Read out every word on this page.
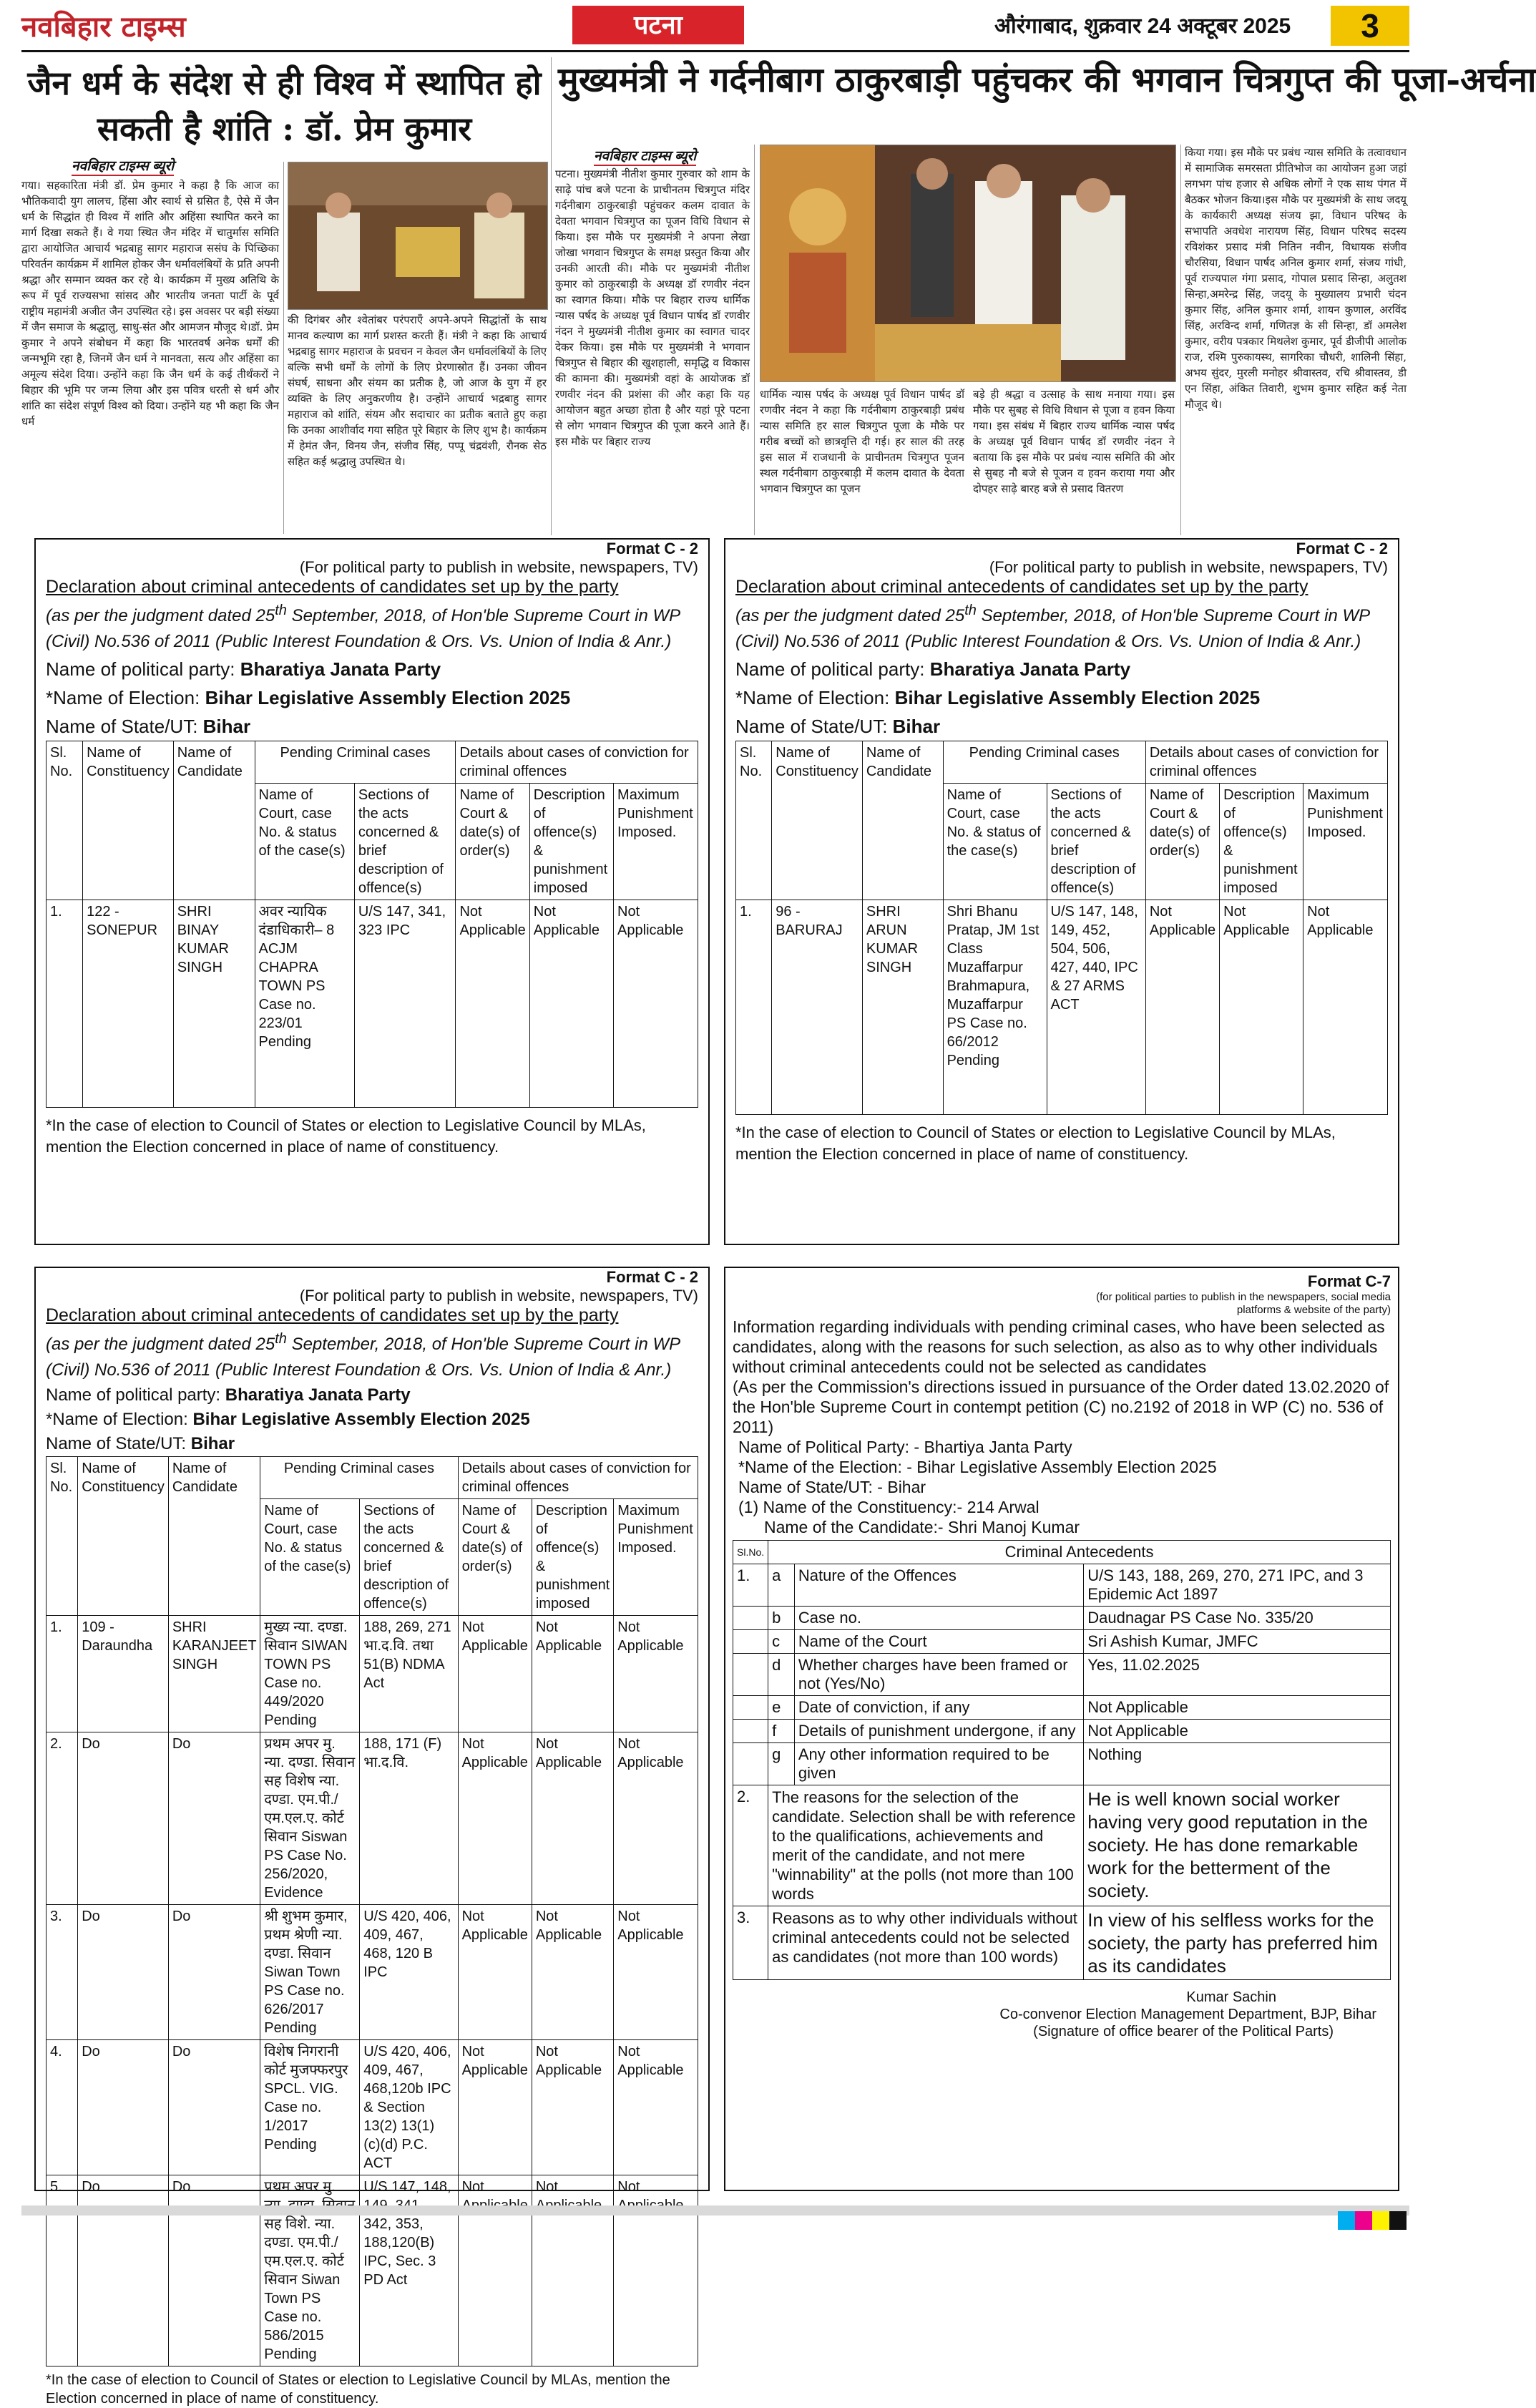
नवबिहार टाइम्स	पटना	औरंगाबाद, शुक्रवार 24 अक्टूबर 2025	3
जैन धर्म के संदेश से ही विश्व में स्थापित हो सकती है शांति : डॉ. प्रेम कुमार
नवबिहार टाइम्स ब्यूरो
गया। सहकारिता मंत्री डॉ. प्रेम कुमार ने कहा है कि आज का भौतिकवादी युग लालच, हिंसा और स्वार्थ से ग्रसित है, ऐसे में जैन धर्म के सिद्धांत ही विश्व में शांति और अहिंसा स्थापित करने का मार्ग दिखा सकते हैं। वे गया स्थित जैन मंदिर में चातुर्मास समिति द्वारा आयोजित आचार्य भद्रबाहु सागर महाराज ससंघ के पिच्छिका परिवर्तन कार्यक्रम में शामिल होकर जैन धर्मावलंबियों के प्रति अपनी श्रद्धा और सम्मान व्यक्त कर रहे थे। कार्यक्रम में मुख्य अतिथि के रूप में पूर्व राज्यसभा सांसद और भारतीय जनता पार्टी के पूर्व राष्ट्रीय महामंत्री अजीत जैन उपस्थित रहे। इस अवसर पर बड़ी संख्या में जैन समाज के श्रद्धालु, साधु-संत और आमजन मौजूद थे।डॉ. प्रेम कुमार ने अपने संबोधन में कहा कि भारतवर्ष अनेक धर्मों की जन्मभूमि रहा है, जिनमें जैन धर्म ने मानवता, सत्य और अहिंसा का अमूल्य संदेश दिया। उन्होंने कहा कि जैन धर्म के कई तीर्थंकरों ने बिहार की भूमि पर जन्म लिया और इस पवित्र धरती से धर्म और शांति का संदेश संपूर्ण विश्व को दिया। उन्होंने यह भी कहा कि जैन धर्म
की दिगंबर और श्वेतांबर परंपराएँ अपने-अपने सिद्धांतों के साथ मानव कल्याण का मार्ग प्रशस्त करती हैं। मंत्री ने कहा कि आचार्य भद्रबाहु सागर महाराज के प्रवचन न केवल जैन धर्मावलंबियों के लिए बल्कि सभी धर्मों के लोगों के लिए प्रेरणास्रोत हैं। उनका जीवन संघर्ष, साधना और संयम का प्रतीक है, जो आज के युग में हर व्यक्ति के लिए अनुकरणीय है। उन्होंने आचार्य भद्रबाहु सागर महाराज को शांति, संयम और सदाचार का प्रतीक बताते हुए कहा कि उनका आशीर्वाद गया सहित पूरे बिहार के लिए शुभ है। कार्यक्रम में हेमंत जैन, विनय जैन, संजीव सिंह, पप्पू चंद्रवंशी, रौनक सेठ सहित कई श्रद्धालु उपस्थित थे।
मुख्यमंत्री ने गर्दनीबाग ठाकुरबाड़ी पहुंचकर की भगवान चित्रगुप्त की पूजा-अर्चना
नवबिहार टाइम्स ब्यूरो
पटना। मुख्यमंत्री नीतीश कुमार गुरुवार को शाम के साढ़े पांच बजे पटना के प्राचीनतम चित्रगुप्त मंदिर गर्दनीबाग ठाकुरबाड़ी पहुंचकर कलम दावात के देवता भगवान चित्रगुप्त का पूजन विधि विधान से किया। इस मौके पर मुख्यमंत्री ने अपना लेखा जोखा भगवान चित्रगुप्त के समक्ष प्रस्तुत किया और उनकी आरती की। मौके पर मुख्यमंत्री नीतीश कुमार को ठाकुरबाड़ी के अध्यक्ष डॉ रणवीर नंदन का स्वागत किया। मौके पर बिहार राज्य धार्मिक न्यास पर्षद के अध्यक्ष पूर्व विधान पार्षद डॉ रणवीर नंदन ने मुख्यमंत्री नीतीश कुमार का स्वागत चादर देकर किया। इस मौके पर मुख्यमंत्री ने भगवान चित्रगुप्त से बिहार की खुशहाली, समृद्धि व विकास की कामना की। मुख्यमंत्री वहां के आयोजक डॉ रणवीर नंदन की प्रशंसा की और कहा कि यह आयोजन बहुत अच्छा होता है और यहां पूरे पटना से लोग भगवान चित्रगुप्त की पूजा करने आते हैं।इस मौके पर बिहार राज्य
धार्मिक न्यास पर्षद के अध्यक्ष पूर्व विधान पार्षद डॉ रणवीर नंदन ने कहा कि गर्दनीबाग ठाकुरबाड़ी प्रबंध न्यास समिति हर साल चित्रगुप्त पूजा के मौके पर गरीब बच्चों को छात्रवृत्ति दी गई। हर साल की तरह इस साल में राजधानी के प्राचीनतम चित्रगुप्त पूजन स्थल गर्दनीबाग ठाकुरबाड़ी में कलम दावात के देवता भगवान चित्रगुप्त का पूजन
बड़े ही श्रद्धा व उत्साह के साथ मनाया गया। इस मौके पर सुबह से विधि विधान से पूजा व हवन किया गया। इस संबंध में बिहार राज्य धार्मिक न्यास पर्षद के अध्यक्ष पूर्व विधान पार्षद डॉ रणवीर नंदन ने बताया कि इस मौके पर प्रबंध न्यास समिति की ओर से सुबह नौ बजे से पूजन व हवन कराया गया और दोपहर साढ़े बारह बजे से प्रसाद वितरण
किया गया। इस मौके पर प्रबंध न्यास समिति के तत्वावधान में सामाजिक समरसता प्रीतिभोज का आयोजन हुआ जहां लगभग पांच हजार से अधिक लोगों ने एक साथ पंगत में बैठकर भोजन किया।इस मौके पर मुख्यमंत्री के साथ जदयू के कार्यकारी अध्यक्ष संजय झा, विधान परिषद के सभापति अवधेश नारायण सिंह, विधान परिषद सदस्य रविशंकर प्रसाद मंत्री नितिन नवीन, विधायक संजीव चौरसिया, विधान पार्षद अनिल कुमार शर्मा, संजय गांधी, पूर्व राज्यपाल गंगा प्रसाद, गोपाल प्रसाद सिन्हा, अलुतश सिन्हा,अमरेन्द्र सिंह, जदयू के मुख्यालय प्रभारी चंदन कुमार सिंह, अनिल कुमार शर्मा, शायन कुणाल, अरविंद सिंह, अरविन्द शर्मा, गणितज्ञ के सी सिन्हा, डॉ अमलेश कुमार, वरीय पत्रकार मिथलेश कुमार, पूर्व डीजीपी आलोक राज, रश्मि पुरुकायस्थ, सागरिका चौधरी, शालिनी सिंहा, अभय सुंदर, मुरली मनोहर श्रीवास्तव, रचि श्रीवास्तव, डी एन सिंहा, अंकित तिवारी, शुभम कुमार सहित कई नेता मौजूद थे।
Format C - 2
(For political party to publish in website, newspapers, TV)
Declaration about criminal antecedents of candidates set up by the party
(as per the judgment dated 25th September, 2018, of Hon'ble Supreme Court in WP (Civil) No.536 of 2011 (Public Interest Foundation & Ors. Vs. Union of India & Anr.)
Name of political party: Bharatiya Janata Party
*Name of Election: Bihar Legislative Assembly Election 2025
Name of State/UT: Bihar
Sl. No.	Name of Constituency	Name of Candidate	Pending Criminal cases		Details about cases of conviction for criminal offences		
			Name of Court, case No. & status of the case(s)	Sections of the acts concerned & brief description of offence(s)	Name of Court & date(s) of order(s)	Description of offence(s) & punishment imposed	Maximum Punishment Imposed.
1.	122 - SONEPUR	SHRI BINAY KUMAR SINGH	अवर न्यायिक दंडाधिकारी– 8 ACJM CHAPRA TOWN PS Case no. 223/01 Pending	U/S 147, 341, 323 IPC	Not Applicable	Not Applicable	Not Applicable
*In the case of election to Council of States or election to Legislative Council by MLAs, mention the Election concerned in place of name of constituency.
Format C - 2
(For political party to publish in website, newspapers, TV)
Declaration about criminal antecedents of candidates set up by the party
(as per the judgment dated 25th September, 2018, of Hon'ble Supreme Court in WP (Civil) No.536 of 2011 (Public Interest Foundation & Ors. Vs. Union of India & Anr.)
Name of political party: Bharatiya Janata Party
*Name of Election: Bihar Legislative Assembly Election 2025
Name of State/UT: Bihar
Sl. No.	Name of Constituency	Name of Candidate	Pending Criminal cases		Details about cases of conviction for criminal offences		
			Name of Court, case No. & status of the case(s)	Sections of the acts concerned & brief description of offence(s)	Name of Court & date(s) of order(s)	Description of offence(s) & punishment imposed	Maximum Punishment Imposed.
1.	96 - BARURAJ	SHRI ARUN KUMAR SINGH	Shri Bhanu Pratap, JM 1st Class Muzaffarpur Brahmapura, Muzaffarpur PS Case no. 66/2012 Pending	U/S 147, 148, 149, 452, 504, 506, 427, 440, IPC & 27 ARMS ACT	Not Applicable	Not Applicable	Not Applicable
*In the case of election to Council of States or election to Legislative Council by MLAs, mention the Election concerned in place of name of constituency.
Format C - 2
(For political party to publish in website, newspapers, TV)
Declaration about criminal antecedents of candidates set up by the party
(as per the judgment dated 25th September, 2018, of Hon'ble Supreme Court in WP (Civil) No.536 of 2011 (Public Interest Foundation & Ors. Vs. Union of India & Anr.)
Name of political party: Bharatiya Janata Party
*Name of Election: Bihar Legislative Assembly Election 2025
Name of State/UT: Bihar
Sl. No.	Name of Constituency	Name of Candidate	Pending Criminal cases		Details about cases of conviction for criminal offences		
			Name of Court, case No. & status of the case(s)	Sections of the acts concerned & brief description of offence(s)	Name of Court & date(s) of order(s)	Description of offence(s) & punishment imposed	Maximum Punishment Imposed.
1.	109 - Daraundha	SHRI KARANJEET SINGH	मुख्य न्या. दण्डा. सिवान SIWAN TOWN PS Case no. 449/2020 Pending	188, 269, 271 भा.द.वि. तथा 51(B) NDMA Act	Not Applicable	Not Applicable	Not Applicable
2.	Do	Do	प्रथम अपर मु. न्या. दण्डा. सिवान सह विशेष न्या. दण्डा. एम.पी./एम.एल.ए. कोर्ट सिवान Siswan PS Case No. 256/2020, Evidence	188, 171 (F) भा.द.वि.	Not Applicable	Not Applicable	Not Applicable
3.	Do	Do	श्री शुभम कुमार, प्रथम श्रेणी न्या. दण्डा. सिवान Siwan Town PS Case no. 626/2017 Pending	U/S 420, 406, 409, 467, 468, 120 B IPC	Not Applicable	Not Applicable	Not Applicable
4.	Do	Do	विशेष निगरानी कोर्ट मुजफ्फरपुर SPCL. VIG. Case no. 1/2017 Pending	U/S 420, 406, 409, 467, 468,120b IPC & Section 13(2) 13(1) (c)(d) P.C. ACT	Not Applicable	Not Applicable	Not Applicable
5.	Do	Do	प्रथम अपर मु. सह विशे. न्या. दण्डा. एम.पी./एम.एल.ए. कोर्ट सिवान Siwan Town PS Case no. 586/2015 Pending	U/S 147, 148, 342, 353, 188,120(B) IPC, Sec. 3 PD Act	Not	Not	Not
*In the case of election to Council of States or election to Legislative Council by MLAs, mention the Election concerned in place of name of constituency.
Format C-7
(for political parties to publish in the newspapers, social media platforms & website of the party)
Information regarding individuals with pending criminal cases, who have been selected as candidates, along with the reasons for such selection, as also as to why other individuals without criminal antecedents could not be selected as candidates
(As per the Commission's directions issued in pursuance of the Order dated 13.02.2020 of the Hon'ble Supreme Court in contempt petition (C) no.2192 of 2018 in WP (C) no. 536 of 2011)
Name of Political Party: - Bhartiya Janta Party
*Name of the Election: - Bihar Legislative Assembly Election 2025
Name of State/UT: - Bihar
(1) Name of the Constituency:- 214 Arwal
Name of the Candidate:- Shri Manoj Kumar
Sl.No.	Criminal Antecedents		
1.	a	Nature of the Offences	U/S 143, 188, 269, 270, 271 IPC, and 3 Epidemic Act 1897
	b	Case no.	Daudnagar PS Case No. 335/20
	c	Name of the Court	Sri Ashish Kumar, JMFC
	d	Whether charges have been framed or not (Yes/No)	Yes, 11.02.2025
	e	Date of conviction, if any	Not Applicable
	f	Details of punishment undergone, if any	Not Applicable
	g	Any other information required to be given	Nothing
2.	The reasons for the selection of the candidate. Selection shall be with reference to the qualifications, achievements and merit of the candidate, and not mere "winnability" at the polls (not more than 100 words		He is well known social worker having very good reputation in the society. He has done remarkable work for the betterment of the society.
3.	Reasons as to why other individuals without criminal antecedents could not be selected as candidates (not more than 100 words)		In view of his selfless works for the society, the party has preferred him as its candidates
Kumar Sachin
Co-convenor Election Management Department, BJP, Bihar
(Signature of office bearer of the Political Parts)
